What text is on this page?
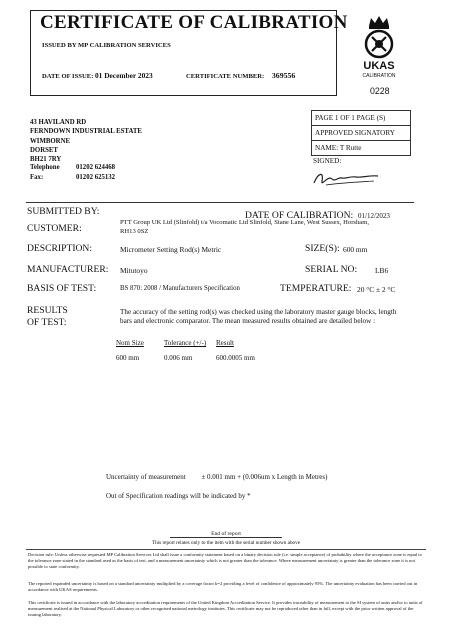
CERTIFICATE OF CALIBRATION
ISSUED BY MP CALIBRATION SERVICES
DATE OF ISSUE: 01 December 2023	CERTIFICATE NUMBER: 369556
UKAS
CALIBRATION
0228
43 HAVILAND RD
FERNDOWN INDUSTRIAL ESTATE
WIMBORNE
DORSET
BH21 7RY
Telephone 01202 624468
Fax:	01202 625132
PAGE 1 OF 1 PAGE (S)
APPROVED SIGNATORY
NAME: T Rutte
SIGNED:
SUBMITTED BY:	DATE OF CALIBRATION: 01/12/2023
CUSTOMER:
PTT Group UK Ltd (Slinfold) t/a Vocomatic Ltd Slinfold, Stane Lane, West Sussex, Horsham,
RH13 0SZ
DESCRIPTION:	Micrometer Setting Rod(s) Metric	SIZE(S): 600 mm
MANUFACTURER: Mitutoyo	SERIAL NO: LB6
BASIS OF TEST:	BS 870: 2008 / Manufacturers Specification	TEMPERATURE: 20 °C ± 2 °C
RESULTS
OF TEST:
The accuracy of the setting rod(s) was checked using the laboratory master gauge blocks, length bars and electronic comparator. The mean measured results obtained are detailed below :
Nom Size	Tolerance (+/-) Result
600 mm	0.006 mm	600.0005 mm
Uncertainty of measurement ± 0.001 mm + (0.006um x Length in Metres)
Out of Specification readings will be indicated by *
End of report
This report relates only to the item with the serial number shown above
Decision rule: Unless otherwise requested MP Calibration Services Ltd shall issue a conformity statement based on a binary decision rule (i.e. simple acceptance) of probability where the acceptance zone is equal to the tolerance zone stated in the standard used as the basis of test, and a measurement uncertainty which is not greater than the tolerance. Where measurement uncertainty is greater than the tolerance zone it is not possible to state conformity.
The reported expanded uncertainty is based on a standard uncertainty multiplied by a coverage factor k=2 providing a level of confidence of approximately 95%. The uncertainty evaluation has been carried out in accordance with UKAS requirements.
This certificate is issued in accordance with the laboratory accreditation requirements of the United Kingdom Accreditation Service. It provides traceability of measurement to the SI system of units and/or to units of measurement realised at the National Physical Laboratory or other recognised national metrology institutes. This certificate may not be reproduced other than in full, except with the prior written approval of the issuing laboratory.
